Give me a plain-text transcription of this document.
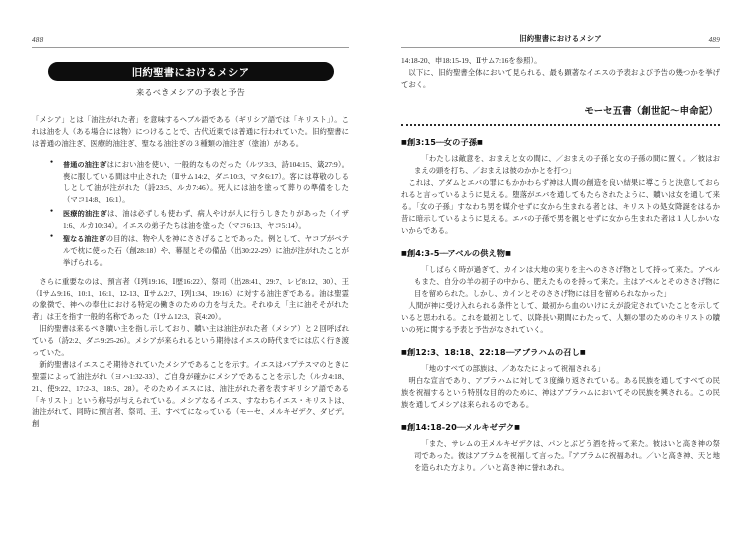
488
旧約聖書におけるメシア
来るべきメシアの予表と予告

「メシア」とは「油注がれた者」を意味するヘブル語である（ギリシア語では「キリスト」）。これは油を人（ある場合には物）につけることで、古代近東では普通に行われていた。旧約聖書には普通の油注ぎ、医療的油注ぎ、聖なる油注ぎの３種類の油注ぎ（塗油）がある。

● 普通の油注ぎはにおい油を使い、一般的なものだった（ルツ3:3、詩104:15、箴27:9）。喪に服している間は中止された（Ⅱサム14:2、ダニ10:3、マタ6:17）。客には尊敬のしるしとして油が注がれた（詩23:5、ルカ7:46）。死人には油を塗って葬りの準備をした（マコ14:8、16:1）。
● 医療的油注ぎは、油は必ずしも使わず、病人やけが人に行うしきたりがあった（イザ1:6、ルカ10:34）。イエスの弟子たちは油を塗った（マコ6:13、ヤコ5:14）。
● 聖なる油注ぎの目的は、物や人を神にささげることであった。例として、ヤコブがベテルで枕に使った石（創28:18）や、幕屋とその備品（出30:22-29）に油が注がれたことが挙げられる。

さらに重要なのは、預言者（Ⅰ列19:16、Ⅰ歴16:22）、祭司（出28:41、29:7、レビ8:12、30）、王（Ⅰサム9:16、10:1、16:1、12-13、Ⅱサム2:7、Ⅰ列1:34、19:16）に対する油注ぎである。油は聖霊の象徴で、神への奉仕における特定の働きのための力を与えた。それゆえ「主に油そそがれた者」は王を指す一般的名称であった（Ⅰサム12:3、哀4:20）。

旧約聖書は来るべき贖い主を指し示しており、贖い主は油注がれた者（メシア）と２回呼ばれている（詩2:2、ダニ9:25-26）。メシアが来られるという期待はイエスの時代までには広く行き渡っていた。

新約聖書はイエスこそ期待されていたメシアであることを示す。イエスはバプテスマのときに聖霊によって油注がれ（ヨハ1:32-33）、ご自身が確かにメシアであることを示した（ルカ4:18、21、使9:22、17:2-3、18:5、28）。そのためイエスには、油注がれた者を表すギリシア語である「キリスト」という称号が与えられている。メシアなるイエス、すなわちイエス・キリストは、油注がれて、同時に預言者、祭司、王、すべてになっている（モーセ、メルキゼデク、ダビデ。創

旧約聖書におけるメシア	489

14:18-20、申18:15-19、Ⅱサム7:16を参照）。

以下に、旧約聖書全体において見られる、最も顕著なイエスの予表および予告の幾つかを挙げておく。

モーセ五書（創世記～申命記）
■創3:15──女の子孫■

「わたしは敵意を、おまえと女の間に、／おまえの子孫と女の子孫の間に置く。／彼はおまえの頭を打ち、／おまえは彼のかかとを打つ」

これは、アダムとエバの罪にもかかわらず神は人間の創造を良い結果に導こうと決意しておられると言っているように見える。堕落がエバを通してもたらされたように、贖いは女を通して来る。「女の子孫」すなわち男を媒介せずに女から生まれる者とは、キリストの処女降誕をはるか昔に暗示しているように見える。エバの子孫で男を親とせずに女から生まれた者は１人しかいないからである。

■創4:3-5──アベルの供え物■

「しばらく時が過ぎて、カインは大地の実りを主へのささげ物として持って来た。アベルもまた、自分の羊の初子の中から、肥えたものを持って来た。主はアベルとそのささげ物に目を留められた。しかし、カインとそのささげ物には目を留められなかった」

人間が神に受け入れられる条件として、最初から血のいけにえが設定されていたことを示していると思われる。これを最初として、以降長い期間にわたって、人類の罪のためのキリストの贖いの死に関する予表と予告がなされていく。

■創12:3、18:18、22:18──アブラハムの召し■

「地のすべての部族は、／あなたによって祝福される」

明白な宣言であり、アブラハムに対して３度繰り返されている。ある民族を通してすべての民族を祝福するという特別な目的のために、神はアブラハムにおいてその民族を興される。この民族を通してメシアは来られるのである。

■創14:18-20──メルキゼデク■

「また、サレムの王メルキゼデクは、パンとぶどう酒を持って来た。彼はいと高き神の祭司であった。彼はアブラムを祝福して言った。『アブラムに祝福あれ。／いと高き神、天と地を造られた方より。／いと高き神に誉れあれ。
